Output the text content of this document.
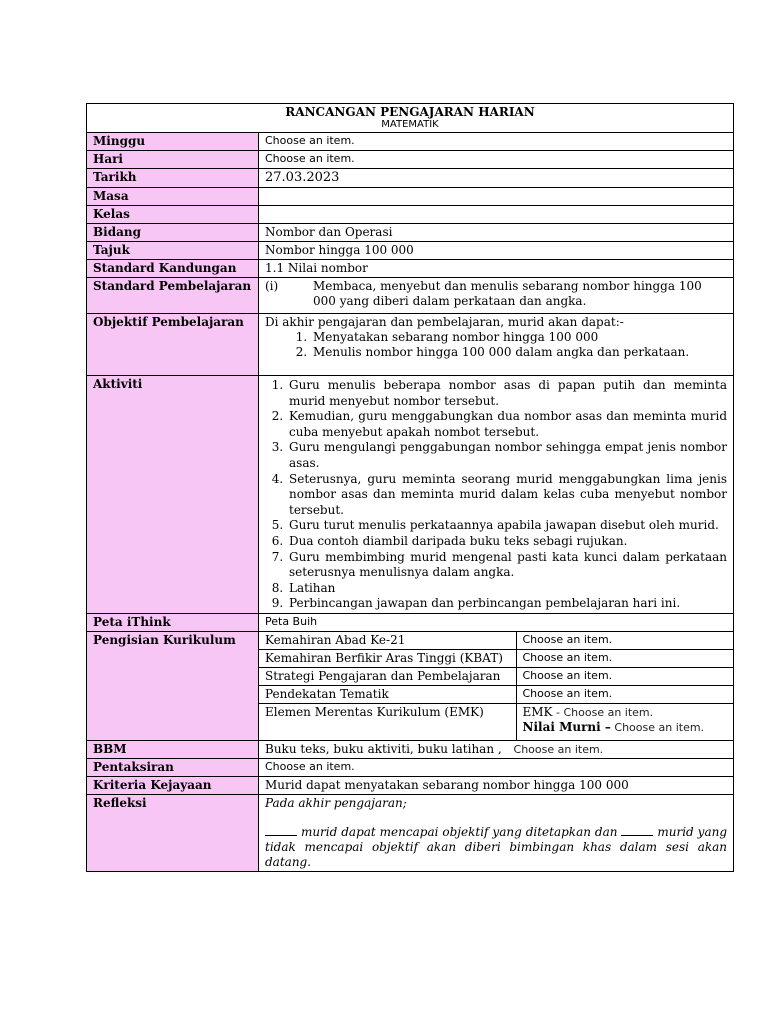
RANCANGAN PENGAJARAN HARIAN
MATEMATIK

Minggu	Choose an item.
Hari	Choose an item.
Tarikh	27.03.2023
Masa	
Kelas	
Bidang	Nombor dan Operasi
Tajuk	Nombor hingga 100 000
Standard Kandungan	1.1 Nilai nombor
Standard Pembelajaran	(i)	Membaca, menyebut dan menulis sebarang nombor hingga 100 000 yang diberi dalam perkataan dan angka.

Objektif Pembelajaran	Di akhir pengajaran dan pembelajaran, murid akan dapat:-
1. Menyatakan sebarang nombor hingga 100 000
2. Menulis nombor hingga 100 000 dalam angka dan perkataan.

Aktiviti	
1.Guru menulis beberapa nombor asas di papan putih dan meminta murid menyebut nombor tersebut.
2. Kemudian, guru menggabungkan dua nombor asas dan meminta murid cuba menyebut apakah nombot tersebut.
3. Guru mengulangi penggabungan nombor sehingga empat jenis nombor asas.
4. Seterusnya, guru meminta seorang murid menggabungkan lima jenis nombor asas dan meminta murid dalam kelas cuba menyebut nombor tersebut.
5. Guru turut menulis perkataannya apabila jawapan disebut oleh murid.
6. Dua contoh diambil daripada buku teks sebagi rujukan.
7. Guru membimbing murid mengenal pasti kata kunci dalam perkataan seterusnya menulisnya dalam angka.
8. Latihan
9. Perbincangan jawapan dan perbincangan pembelajaran hari ini.

Peta iThink	Peta Buih
Pengisian Kurikulum	Kemahiran Abad Ke-21	Choose an item.
Kemahiran Berfikir Aras Tinggi (KBAT)	Choose an item.
Strategi Pengajaran dan Pembelajaran	Choose an item.
Pendekatan Tematik	Choose an item.
Elemen Merentas Kurikulum (EMK)	EMK - Choose an item.
Nilai Murni – Choose an item.

BBM	Buku teks, buku aktiviti, buku latihan , Choose an item.
Pentaksiran	Choose an item.
Kriteria Kejayaan	Murid dapat menyatakan sebarang nombor hingga 100 000
Refleksi	Pada akhir pengajaran;
murid dapat mencapai objektif yang ditetapkan dan	murid yang tidak mencapai objektif akan diberi bimbingan khas dalam sesi akan datang.
